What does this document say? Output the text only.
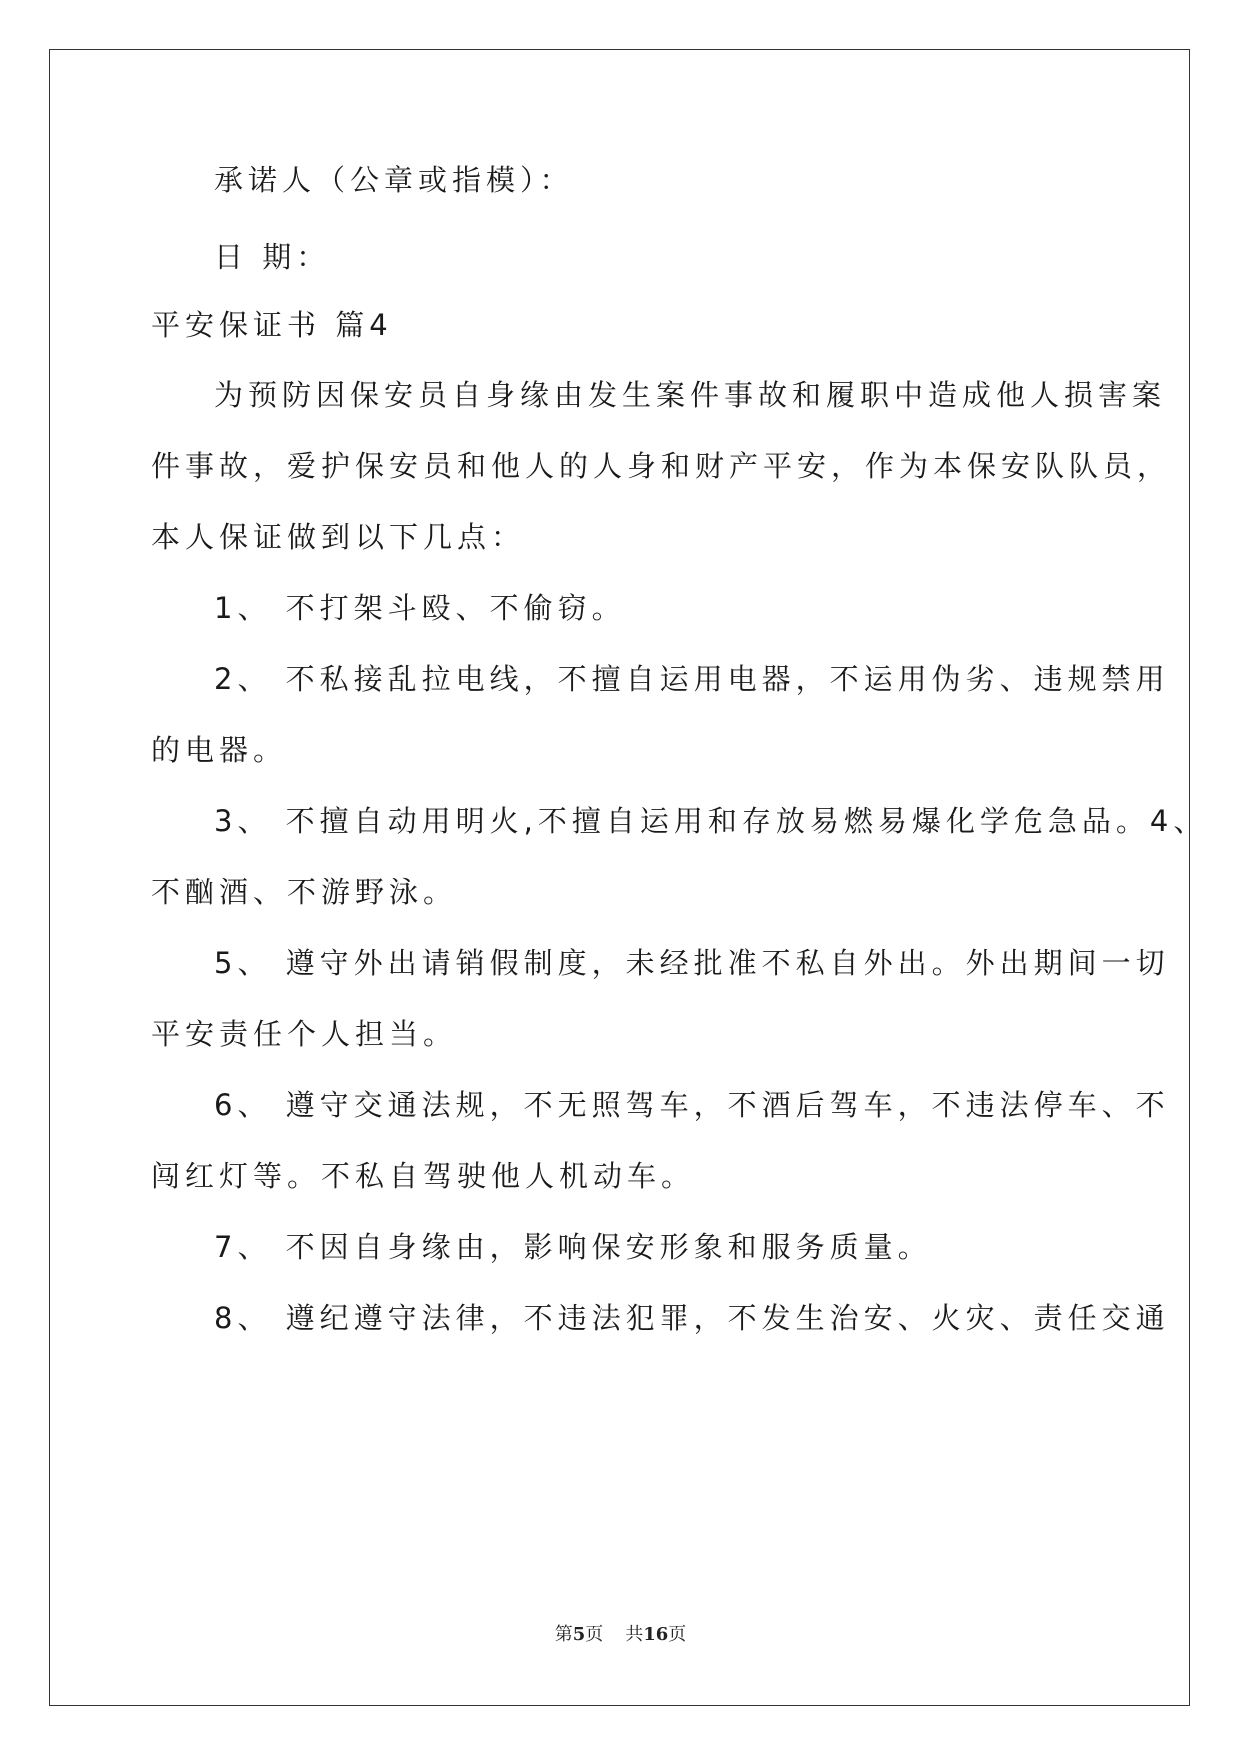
承诺人（公章或指模）：
日 期：
平安保证书 篇4
为预防因保安员自身缘由发生案件事故和履职中造成他人损害案
件事故，爱护保安员和他人的人身和财产平安，作为本保安队队员，
本人保证做到以下几点：
1、 不打架斗殴、不偷窃。
2、 不私接乱拉电线，不擅自运用电器，不运用伪劣、违规禁用
的电器。
3、 不擅自动用明火,不擅自运用和存放易燃易爆化学危急品。4、
不酗酒、不游野泳。
5、 遵守外出请销假制度，未经批准不私自外出。外出期间一切
平安责任个人担当。
6、 遵守交通法规，不无照驾车，不酒后驾车，不违法停车、不
闯红灯等。不私自驾驶他人机动车。
7、 不因自身缘由，影响保安形象和服务质量。
8、 遵纪遵守法律，不违法犯罪，不发生治安、火灾、责任交通
第5页 共16页
